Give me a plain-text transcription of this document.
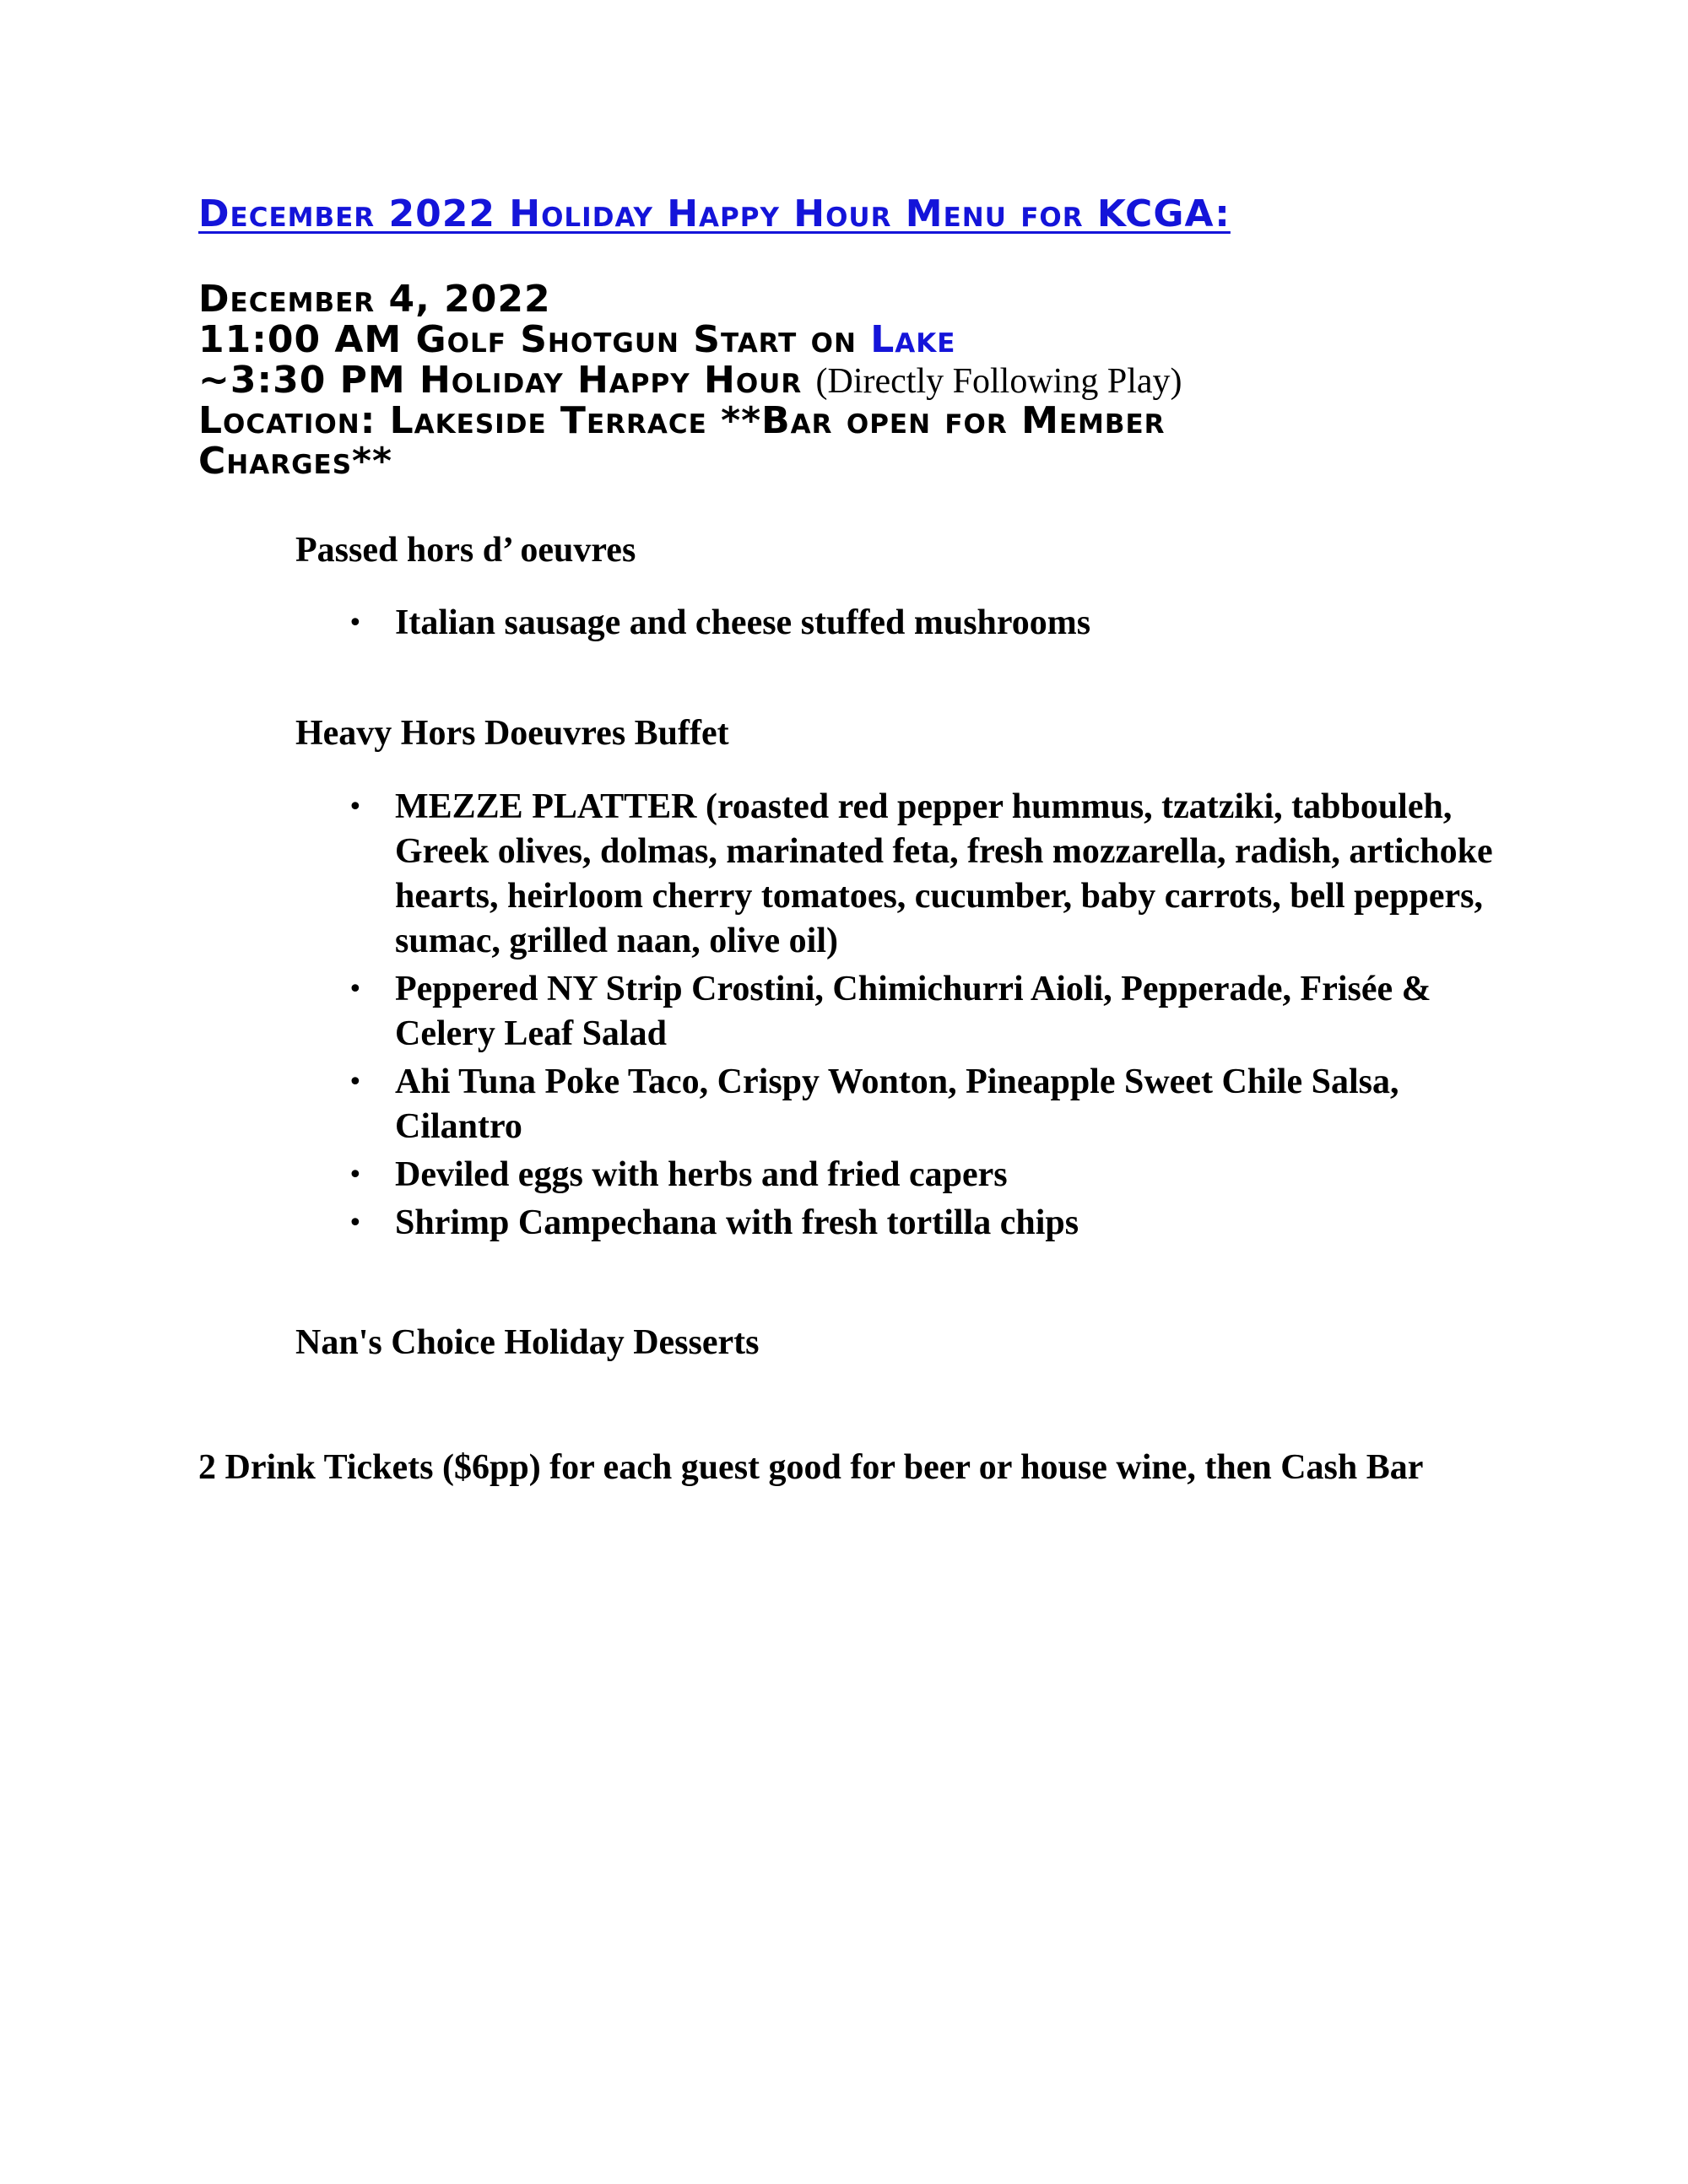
December 2022 Holiday Happy Hour Menu for KCGA:
December 4, 2022
11:00 AM Golf Shotgun Start on Lake
~3:30 PM Holiday Happy Hour (Directly Following Play)
Location: Lakeside Terrace **Bar open for Member
Charges**
Passed hors d’ oeuvres
• Italian sausage and cheese stuffed mushrooms
Heavy Hors Doeuvres Buffet
• MEZZE PLATTER (roasted red pepper hummus, tzatziki, tabbouleh, Greek olives, dolmas, marinated feta, fresh mozzarella, radish, artichoke hearts, heirloom cherry tomatoes, cucumber, baby carrots, bell peppers, sumac, grilled naan, olive oil)
• Peppered NY Strip Crostini, Chimichurri Aioli, Pepperade, Frisée & Celery Leaf Salad
• Ahi Tuna Poke Taco, Crispy Wonton, Pineapple Sweet Chile Salsa, Cilantro
• Deviled eggs with herbs and fried capers
• Shrimp Campechana with fresh tortilla chips
Nan's Choice Holiday Desserts
2 Drink Tickets ($6pp) for each guest good for beer or house wine, then Cash Bar
